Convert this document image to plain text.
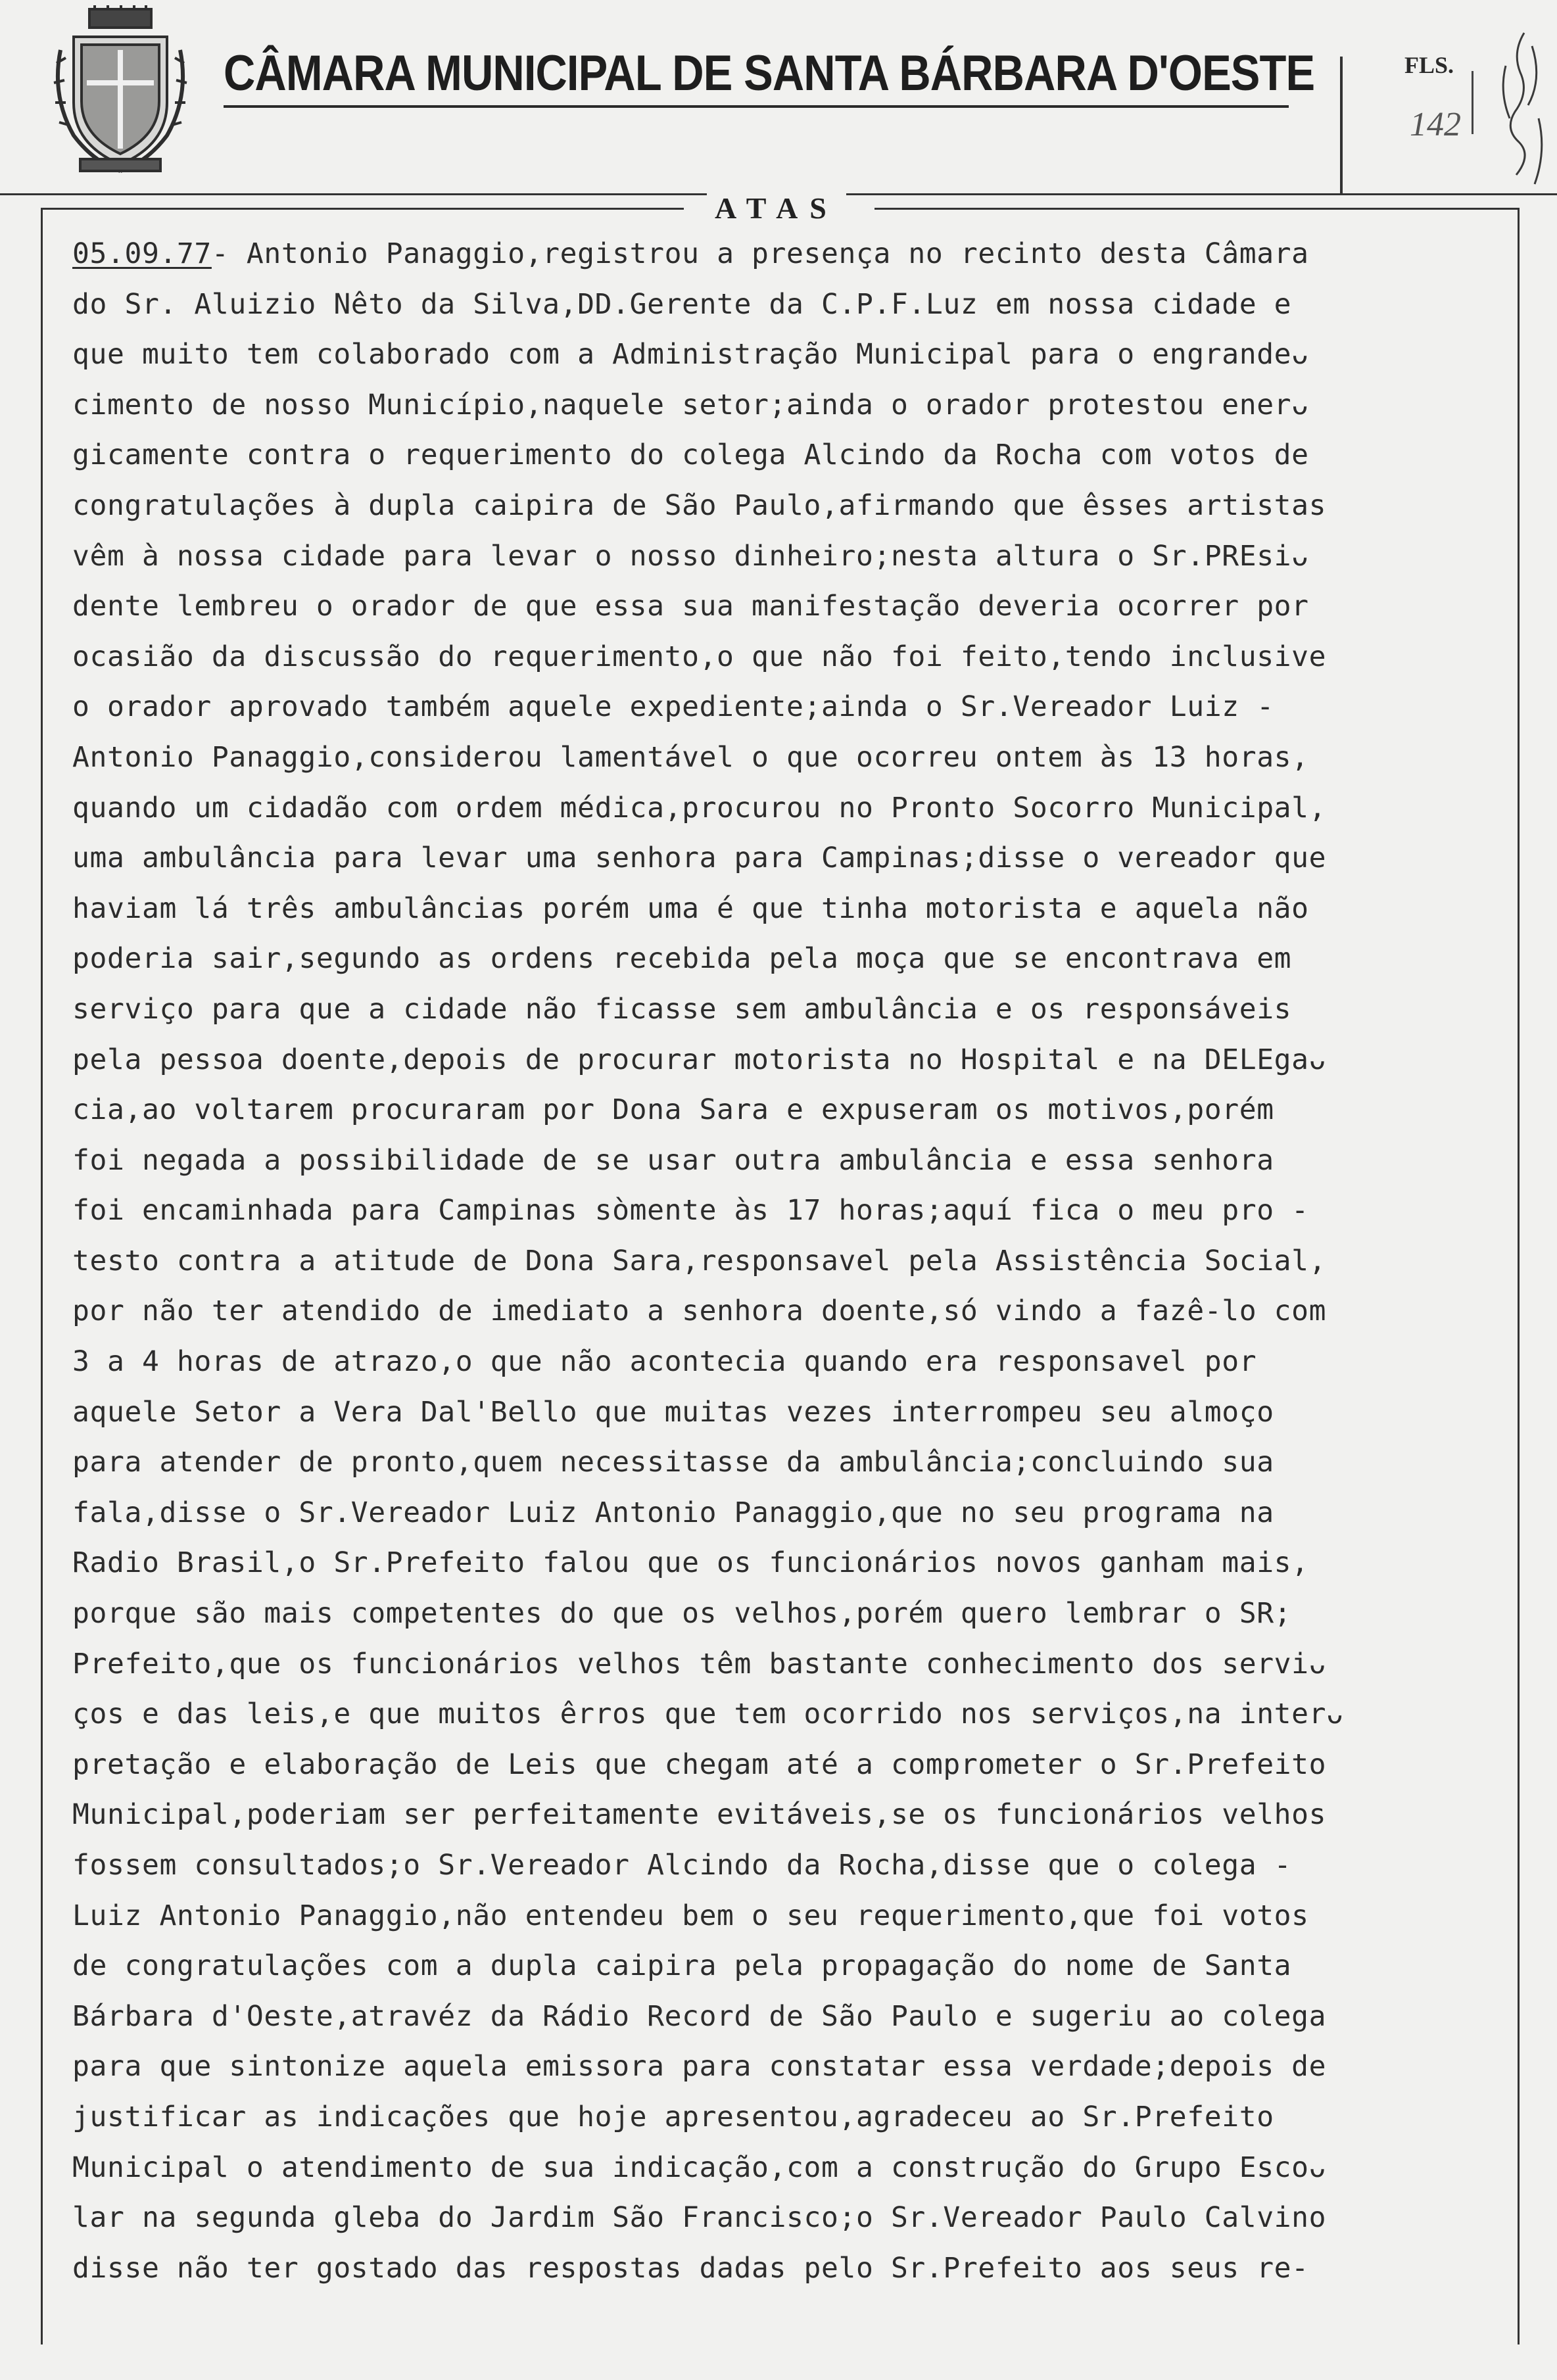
CÂMARA MUNICIPAL DE SANTA BÁRBARA D'OESTE	FLS.
142
ATAS
05.09.77- Antonio Panaggio,registrou a presença no recinto desta Câmara
do Sr. Aluizio Nêto da Silva,DD.Gerente da C.P.F.Luz em nossa cidade e
que muito tem colaborado com a Administração Municipal para o engrandeᴗ
cimento de nosso Município,naquele setor;ainda o orador protestou enerᴗ
gicamente contra o requerimento do colega Alcindo da Rocha com votos de
congratulações à dupla caipira de São Paulo,afirmando que êsses artistas
vêm à nossa cidade para levar o nosso dinheiro;nesta altura o Sr.PREsiᴗ
dente lembreu o orador de que essa sua manifestação deveria ocorrer por
ocasião da discussão do requerimento,o que não foi feito,tendo inclusive
o orador aprovado também aquele expediente;ainda o Sr.Vereador Luiz -
Antonio Panaggio,considerou lamentável o que ocorreu ontem às 13 horas,
quando um cidadão com ordem médica,procurou no Pronto Socorro Municipal,
uma ambulância para levar uma senhora para Campinas;disse o vereador que
haviam lá três ambulâncias porém uma é que tinha motorista e aquela não
poderia sair,segundo as ordens recebida pela moça que se encontrava em
serviço para que a cidade não ficasse sem ambulância e os responsáveis
pela pessoa doente,depois de procurar motorista no Hospital e na DELEgaᴗ
cia,ao voltarem procuraram por Dona Sara e expuseram os motivos,porém
foi negada a possibilidade de se usar outra ambulância e essa senhora
foi encaminhada para Campinas sòmente às 17 horas;aquí fica o meu pro -
testo contra a atitude de Dona Sara,responsavel pela Assistência Social,
por não ter atendido de imediato a senhora doente,só vindo a fazê-lo com
3 a 4 horas de atrazo,o que não acontecia quando era responsavel por
aquele Setor a Vera Dal'Bello que muitas vezes interrompeu seu almoço
para atender de pronto,quem necessitasse da ambulância;concluindo sua
fala,disse o Sr.Vereador Luiz Antonio Panaggio,que no seu programa na
Radio Brasil,o Sr.Prefeito falou que os funcionários novos ganham mais,
porque são mais competentes do que os velhos,porém quero lembrar o SR;
Prefeito,que os funcionários velhos têm bastante conhecimento dos serviᴗ
ços e das leis,e que muitos êrros que tem ocorrido nos serviços,na interᴗ
pretação e elaboração de Leis que chegam até a comprometer o Sr.Prefeito
Municipal,poderiam ser perfeitamente evitáveis,se os funcionários velhos
fossem consultados;o Sr.Vereador Alcindo da Rocha,disse que o colega -
Luiz Antonio Panaggio,não entendeu bem o seu requerimento,que foi votos
de congratulações com a dupla caipira pela propagação do nome de Santa
Bárbara d'Oeste,atravéz da Rádio Record de São Paulo e sugeriu ao colega
para que sintonize aquela emissora para constatar essa verdade;depois de
justificar as indicações que hoje apresentou,agradeceu ao Sr.Prefeito
Municipal o atendimento de sua indicação,com a construção do Grupo Escoᴗ
lar na segunda gleba do Jardim São Francisco;o Sr.Vereador Paulo Calvino
disse não ter gostado das respostas dadas pelo Sr.Prefeito aos seus re-
